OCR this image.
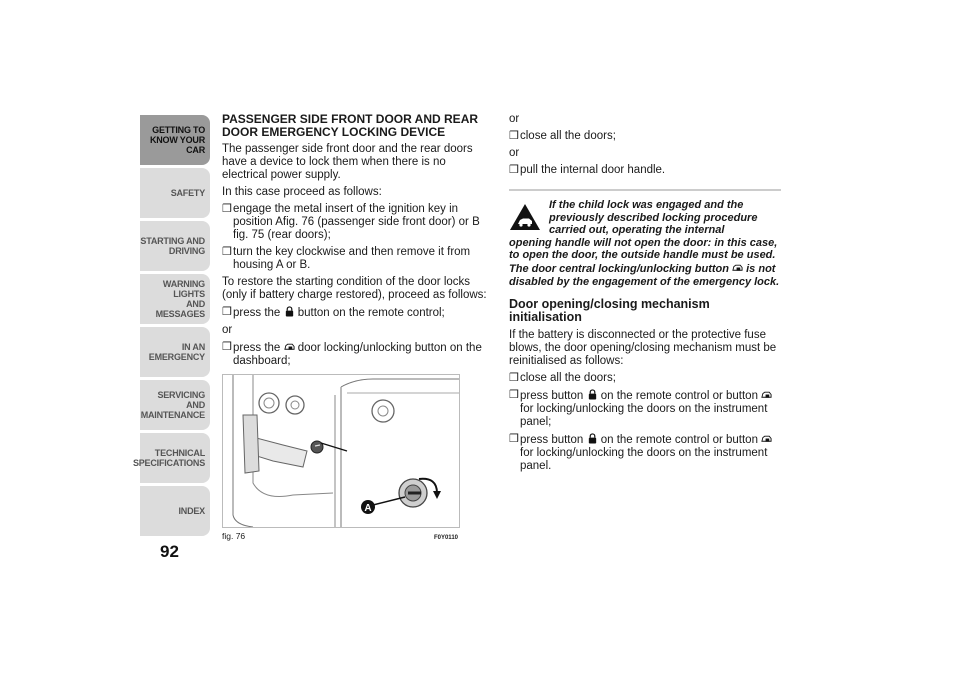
GETTING TO
KNOW YOUR CAR
SAFETY
STARTING AND
DRIVING
WARNING LIGHTS
AND MESSAGES
IN AN EMERGENCY
SERVICING AND
MAINTENANCE
TECHNICAL
SPECIFICATIONS
INDEX
92
PASSENGER SIDE FRONT DOOR AND REAR DOOR EMERGENCY LOCKING DEVICE

The passenger side front door and the rear doors have a device to lock them when there is no electrical power supply.

In this case proceed as follows:

❒ engage the metal insert of the ignition key in position Afig. 76 (passenger side front door) or B fig. 75 (rear doors);
❒ turn the key clockwise and then remove it from housing A or B.

To restore the starting condition of the door locks (only if battery charge restored), proceed as follows:

❒ press the button on the remote control;

or

❒ press the door locking/unlocking button on the dashboard;
A
fig. 76	F0Y0110

or

❒ close all the doors;

or

❒ pull the internal door handle.
If the child lock was engaged and the
previously described locking procedure
carried out, operating the internal
opening handle will not open the door: in this case, to open the door, the outside handle must be used. The door central locking/unlocking button is not disabled by the engagement of the emergency lock.
Door opening/closing mechanism initialisation

If the battery is disconnected or the protective fuse blows, the door opening/closing mechanism must be reinitialised as follows:

❒ close all the doors;
❒ press button on the remote control or button  for locking/unlocking the doors on the instrument panel;
❒ press button on the remote control or button  for locking/unlocking the doors on the instrument panel.
